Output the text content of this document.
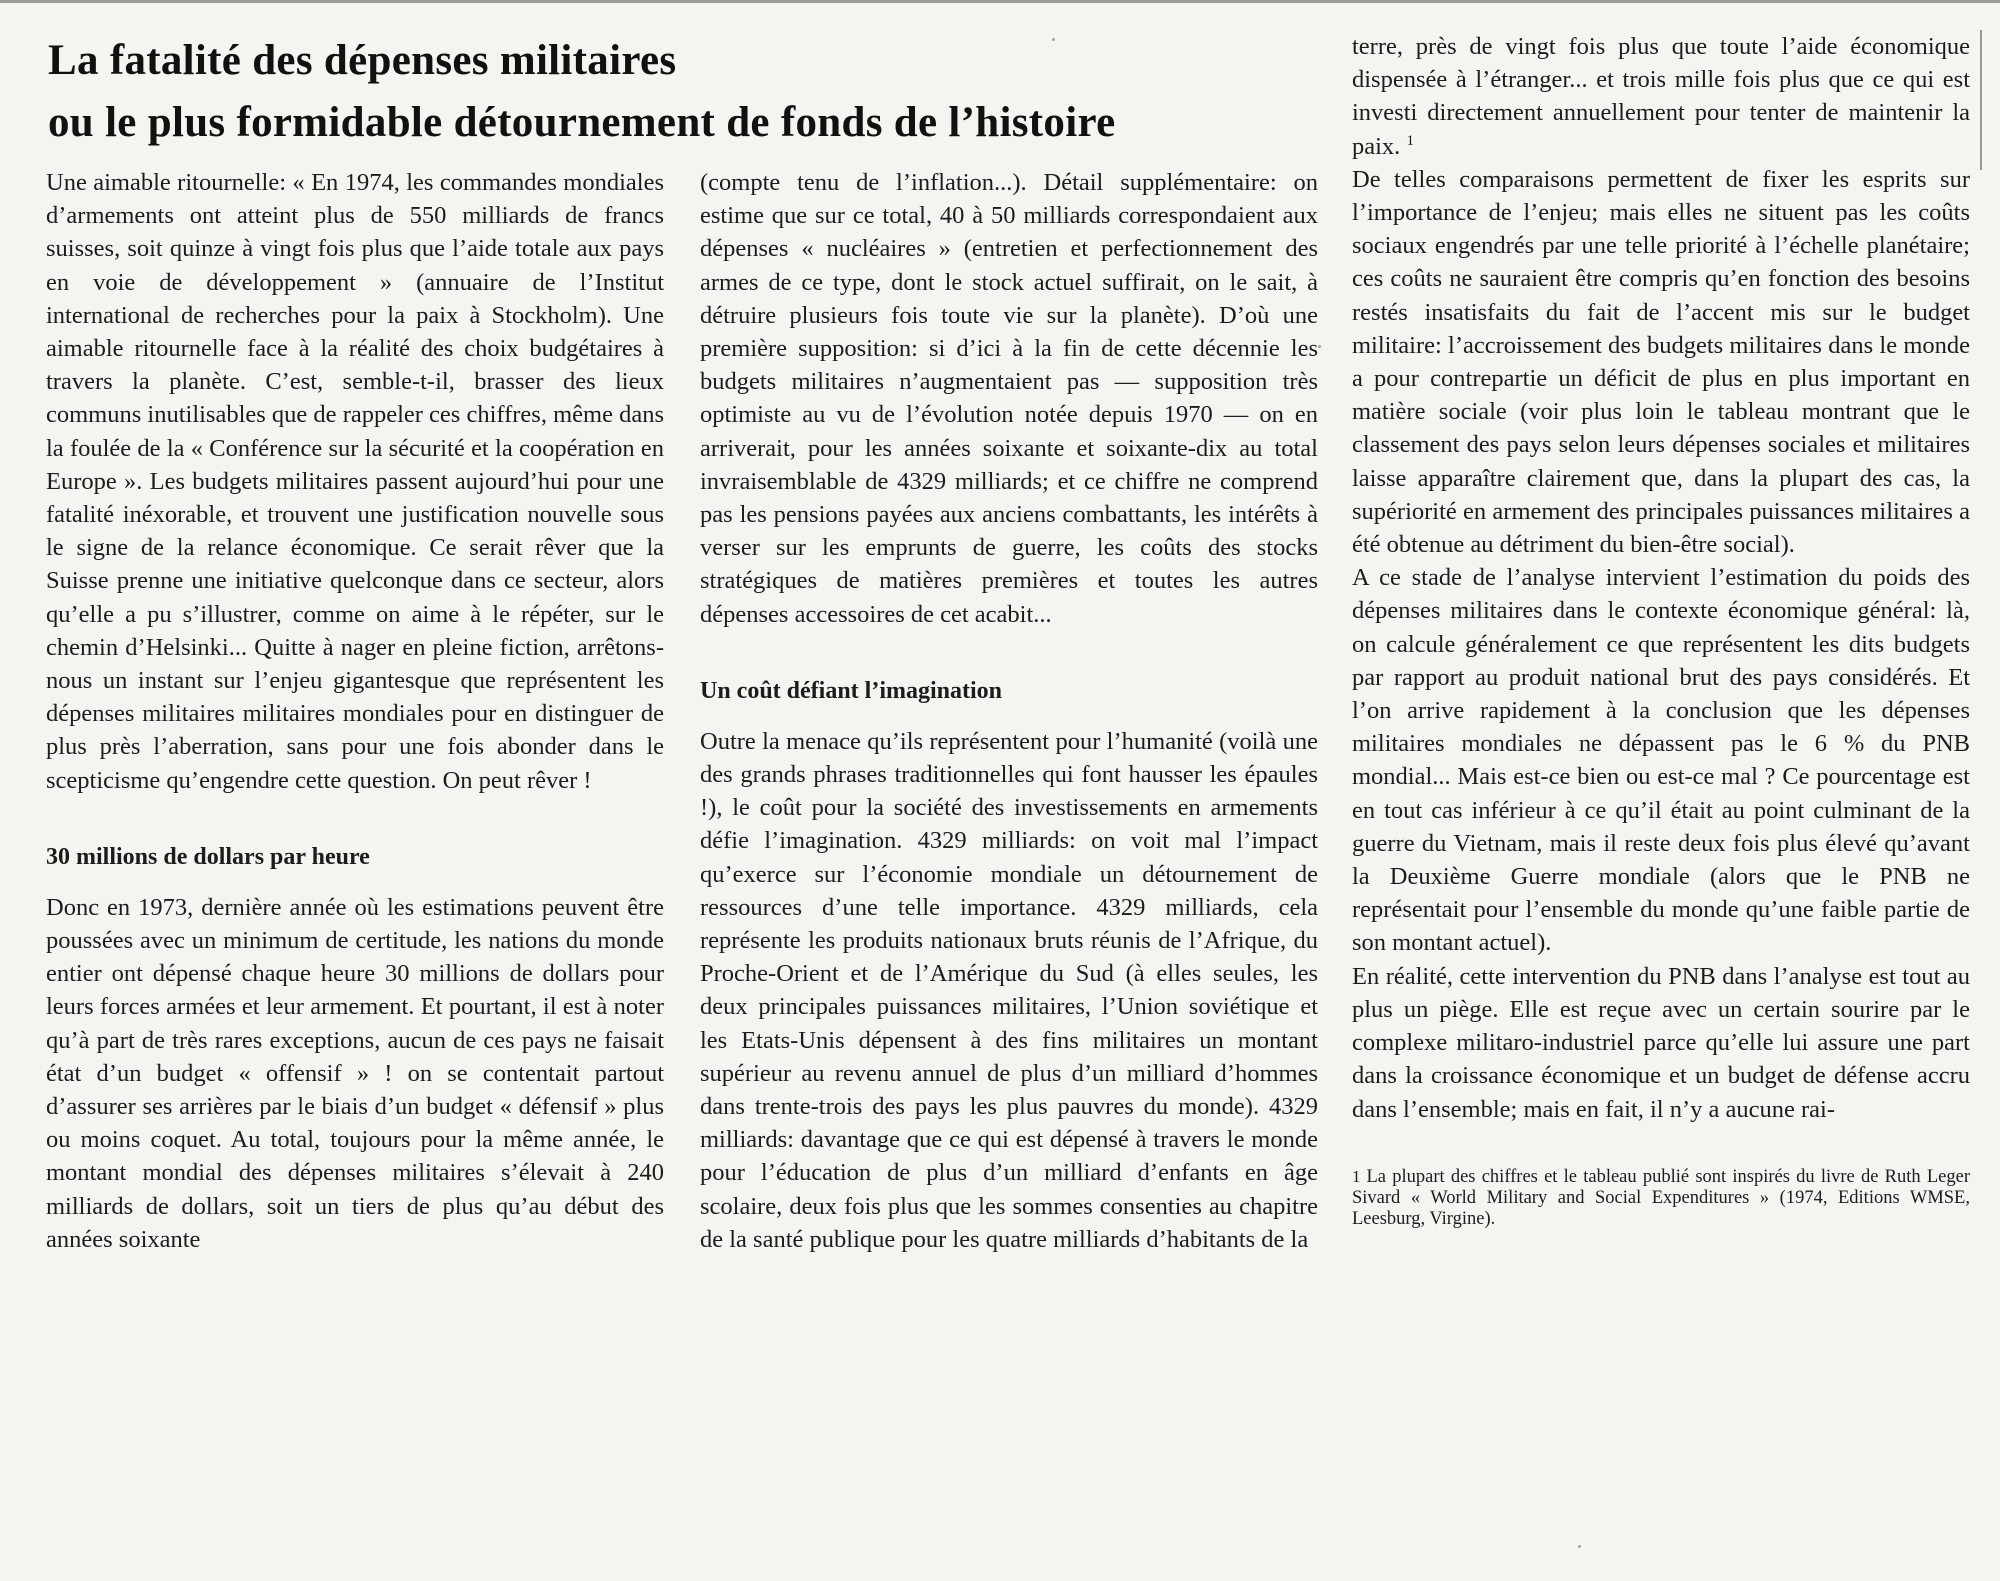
La fatalité des dépenses militaires
ou le plus formidable détournement de fonds de l’histoire

Une aimable ritournelle: « En 1974, les commandes mondiales d’armements ont atteint plus de 550 milliards de francs suisses, soit quinze à vingt fois plus que l’aide totale aux pays en voie de développement » (annuaire de l’Institut international de recherches pour la paix à Stockholm). Une aimable ritournelle face à la réalité des choix budgétaires à travers la planète. C’est, semble-t-il, brasser des lieux communs inutilisables que de rappeler ces chiffres, même dans la foulée de la « Conférence sur la sécurité et la coopération en Europe ». Les budgets militaires passent aujourd’hui pour une fatalité inéxorable, et trouvent une justification nouvelle sous le signe de la relance économique. Ce serait rêver que la Suisse prenne une initiative quelconque dans ce secteur, alors qu’elle a pu s’illustrer, comme on aime à le répéter, sur le chemin d’Helsinki... Quitte à nager en pleine fiction, arrêtons-nous un instant sur l’enjeu gigantesque que représentent les dépenses militaires militaires mondiales pour en distinguer de plus près l’aberration, sans pour une fois abonder dans le scepticisme qu’engendre cette question. On peut rêver !

30 millions de dollars par heure

Donc en 1973, dernière année où les estimations peuvent être poussées avec un minimum de certitude, les nations du monde entier ont dépensé chaque heure 30 millions de dollars pour leurs forces armées et leur armement. Et pourtant, il est à noter qu’à part de très rares exceptions, aucun de ces pays ne faisait état d’un budget « offensif » ! on se contentait partout d’assurer ses arrières par le biais d’un budget « défensif » plus ou moins coquet. Au total, toujours pour la même année, le montant mondial des dépenses militaires s’élevait à 240 milliards de dollars, soit un tiers de plus qu’au début des années soixante

(compte tenu de l’inflation...). Détail supplémentaire: on estime que sur ce total, 40 à 50 milliards correspondaient aux dépenses « nucléaires » (entretien et perfectionnement des armes de ce type, dont le stock actuel suffirait, on le sait, à détruire plusieurs fois toute vie sur la planète). D’où une première supposition: si d’ici à la fin de cette décennie les budgets militaires n’augmentaient pas — supposition très optimiste au vu de l’évolution notée depuis 1970 — on en arriverait, pour les années soixante et soixante-dix au total invraisemblable de 4329 milliards; et ce chiffre ne comprend pas les pensions payées aux anciens combattants, les intérêts à verser sur les emprunts de guerre, les coûts des stocks stratégiques de matières premières et toutes les autres dépenses accessoires de cet acabit...

Un coût défiant l’imagination

Outre la menace qu’ils représentent pour l’humanité (voilà une des grands phrases traditionnelles qui font hausser les épaules !), le coût pour la société des investissements en armements défie l’imagination. 4329 milliards: on voit mal l’impact qu’exerce sur l’économie mondiale un détournement de ressources d’une telle importance. 4329 milliards, cela représente les produits nationaux bruts réunis de l’Afrique, du Proche-Orient et de l’Amérique du Sud (à elles seules, les deux principales puissances militaires, l’Union soviétique et les Etats-Unis dépensent à des fins militaires un montant supérieur au revenu annuel de plus d’un milliard d’hommes dans trente-trois des pays les plus pauvres du monde). 4329 milliards: davantage que ce qui est dépensé à travers le monde pour l’éducation de plus d’un milliard d’enfants en âge scolaire, deux fois plus que les sommes consenties au chapitre de la santé publique pour les quatre milliards d’habitants de la

terre, près de vingt fois plus que toute l’aide économique dispensée à l’étranger... et trois mille fois plus que ce qui est investi directement annuellement pour tenter de maintenir la paix. $^1$

De telles comparaisons permettent de fixer les esprits sur l’importance de l’enjeu; mais elles ne situent pas les coûts sociaux engendrés par une telle priorité à l’échelle planétaire; ces coûts ne sauraient être compris qu’en fonction des besoins restés insatisfaits du fait de l’accent mis sur le budget militaire: l’accroissement des budgets militaires dans le monde a pour contrepartie un déficit de plus en plus important en matière sociale (voir plus loin le tableau montrant que le classement des pays selon leurs dépenses sociales et militaires laisse apparaître clairement que, dans la plupart des cas, la supériorité en armement des principales puissances militaires a été obtenue au détriment du bien-être social).

A ce stade de l’analyse intervient l’estimation du poids des dépenses militaires dans le contexte économique général: là, on calcule généralement ce que représentent les dits budgets par rapport au produit national brut des pays considérés. Et l’on arrive rapidement à la conclusion que les dépenses militaires mondiales ne dépassent pas le 6 % du PNB mondial... Mais est-ce bien ou est-ce mal ? Ce pourcentage est en tout cas inférieur à ce qu’il était au point culminant de la guerre du Vietnam, mais il reste deux fois plus élevé qu’avant la Deuxième Guerre mondiale (alors que le PNB ne représentait pour l’ensemble du monde qu’une faible partie de son montant actuel).

En réalité, cette intervention du PNB dans l’analyse est tout au plus un piège. Elle est reçue avec un certain sourire par le complexe militaro-industriel parce qu’elle lui assure une part dans la croissance économique et un budget de défense accru dans l’ensemble; mais en fait, il n’y a aucune rai-

1 La plupart des chiffres et le tableau publié sont inspirés du livre de Ruth Leger Sivard « World Military and Social Expenditures » (1974, Editions WMSE, Leesburg, Virgine).
